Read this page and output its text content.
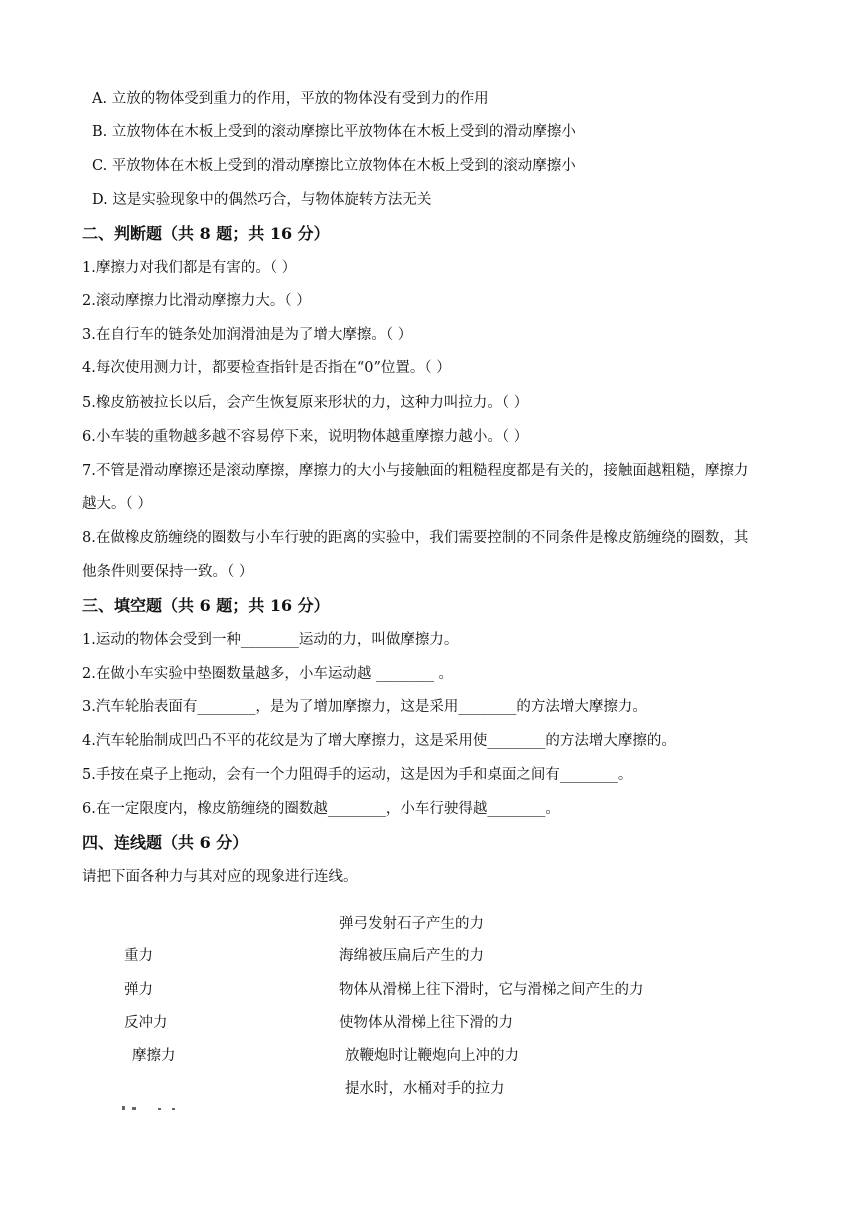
A. 立放的物体受到重力的作用，平放的物体没有受到力的作用
B. 立放物体在木板上受到的滚动摩擦比平放物体在木板上受到的滑动摩擦小
C. 平放物体在木板上受到的滑动摩擦比立放物体在木板上受到的滚动摩擦小
D. 这是实验现象中的偶然巧合，与物体旋转方法无关
二、判断题（共 8 题；共 16 分）
1.摩擦力对我们都是有害的。（ ）
2.滚动摩擦力比滑动摩擦力大。（ ）
3.在自行车的链条处加润滑油是为了增大摩擦。（ ）
4.每次使用测力计，都要检查指针是否指在“0”位置。（ ）
5.橡皮筋被拉长以后，会产生恢复原来形状的力，这种力叫拉力。（ ）
6.小车装的重物越多越不容易停下来，说明物体越重摩擦力越小。（ ）
7.不管是滑动摩擦还是滚动摩擦，摩擦力的大小与接触面的粗糙程度都是有关的，接触面越粗糙，摩擦力
越大。（ ）
8.在做橡皮筋缠绕的圈数与小车行驶的距离的实验中，我们需要控制的不同条件是橡皮筋缠绕的圈数，其
他条件则要保持一致。（ ）
三、填空题（共 6 题；共 16 分）
1.运动的物体会受到一种________运动的力，叫做摩擦力。
2.在做小车实验中垫圈数量越多，小车运动越 ________ 。
3.汽车轮胎表面有________，是为了增加摩擦力，这是采用________的方法增大摩擦力。
4.汽车轮胎制成凹凸不平的花纹是为了增大摩擦力，这是采用使________的方法增大摩擦的。
5.手按在桌子上拖动，会有一个力阻碍手的运动，这是因为手和桌面之间有________。
6.在一定限度内，橡皮筋缠绕的圈数越________，小车行驶得越________。
四、连线题（共 6 分）
请把下面各种力与其对应的现象进行连线。
重力
弹力
反冲力
摩擦力
弹弓发射石子产生的力
海绵被压扁后产生的力
物体从滑梯上往下滑时，它与滑梯之间产生的力
使物体从滑梯上往下滑的力
放鞭炮时让鞭炮向上冲的力
提水时，水桶对手的拉力
